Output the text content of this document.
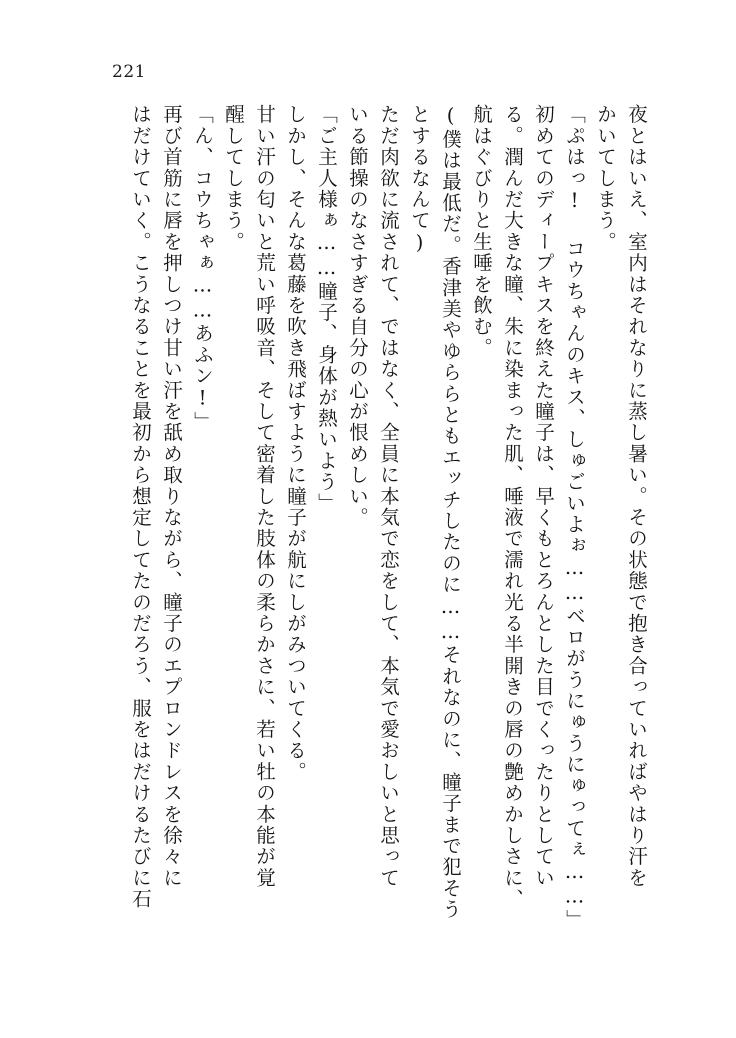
221
夜とはいえ、室内はそれなりに蒸し暑い。その状態で抱き合っていればやはり汗を
かいてしまう。
「ぷはっ! コウちゃんのキス、しゅごいよぉ……ベロがうにゅうにゅってぇ……」
初めてのディープキスを終えた瞳子は、早くもとろんとした目でくったりとしてい
る。潤んだ大きな瞳、朱に染まった肌、唾液で濡れ光る半開きの唇の艶めかしさに、
航はぐびりと生唾を飲む。
(僕は最低だ。香津美やゆららともエッチしたのに……それなのに、瞳子まで犯そう
とするなんて)
ただ肉欲に流されて、ではなく、全員に本気で恋をして、本気で愛おしいと思って
いる節操のなさすぎる自分の心が恨めしい。
「ご主人様ぁ……瞳子、身体が熱いよう」
しかし、そんな葛藤を吹き飛ばすように瞳子が航にしがみついてくる。
甘い汗の匂いと荒い呼吸音、そして密着した肢体の柔らかさに、若い牡の本能が覚
醒してしまう。
「ん、コウちゃぁ……あふン!」
再び首筋に唇を押しつけ甘い汗を舐め取りながら、瞳子のエプロンドレスを徐々に
はだけていく。こうなることを最初から想定してたのだろう、服をはだけるたびに石
